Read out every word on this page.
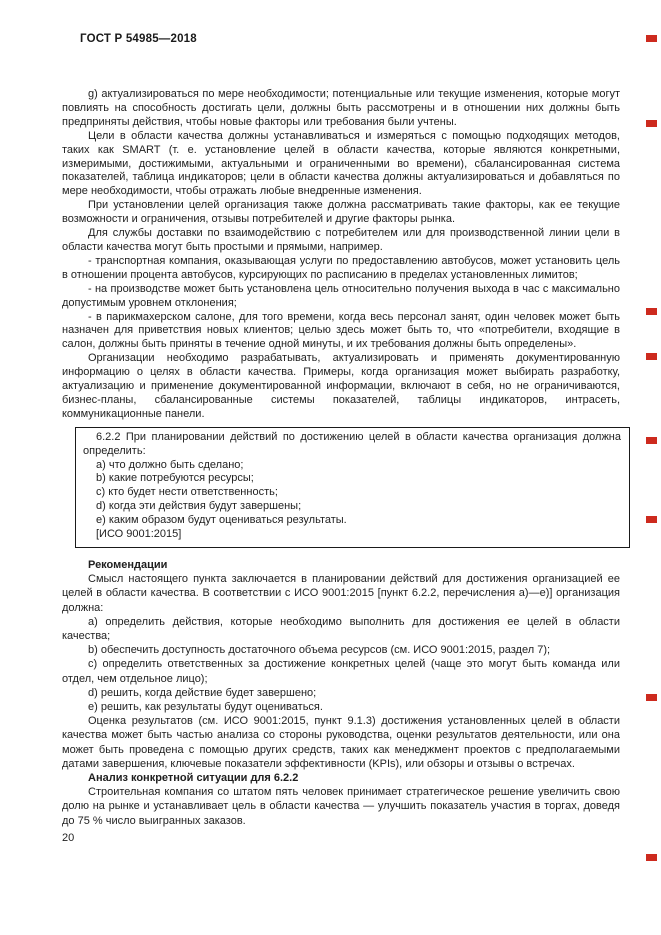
ГОСТ Р 54985—2018

g) актуализироваться по мере необходимости; потенциальные или текущие изменения, которые могут повлиять на способность достигать цели, должны быть рассмотрены и в отношении них должны быть предприняты действия, чтобы новые факторы или требования были учтены.

Цели в области качества должны устанавливаться и измеряться с помощью подходящих методов, таких как SMART (т. е. установление целей в области качества, которые являются конкретными, измеримыми, достижимыми, актуальными и ограниченными во времени), сбалансированная система показателей, таблица индикаторов; цели в области качества должны актуализироваться и добавляться по мере необходимости, чтобы отражать любые внедренные изменения.

При установлении целей организация также должна рассматривать такие факторы, как ее текущие возможности и ограничения, отзывы потребителей и другие факторы рынка.

Для службы доставки по взаимодействию с потребителем или для производственной линии цели в области качества могут быть простыми и прямыми, например.

- транспортная компания, оказывающая услуги по предоставлению автобусов, может установить цель в отношении процента автобусов, курсирующих по расписанию в пределах установленных лимитов;

- на производстве может быть установлена цель относительно получения выхода в час с максимально допустимым уровнем отклонения;

- в парикмахерском салоне, для того времени, когда весь персонал занят, один человек может быть назначен для приветствия новых клиентов; целью здесь может быть то, что «потребители, входящие в салон, должны быть приняты в течение одной минуты, и их требования должны быть определены».

Организации необходимо разрабатывать, актуализировать и применять документированную информацию о целях в области качества. Примеры, когда организация может выбирать разработку, актуализацию и применение документированной информации, включают в себя, но не ограничиваются, бизнес-планы, сбалансированные системы показателей, таблицы индикаторов, интрасеть, коммуникационные панели.

6.2.2 При планировании действий по достижению целей в области качества организация должна определить:

a) что должно быть сделано;

b) какие потребуются ресурсы;

c) кто будет нести ответственность;

d) когда эти действия будут завершены;

e) каким образом будут оцениваться результаты.

[ИСО 9001:2015]

Рекомендации

Смысл настоящего пункта заключается в планировании действий для достижения организацией ее целей в области качества. В соответствии с ИСО 9001:2015 [пункт 6.2.2, перечисления a)—e)] организация должна:

a) определить действия, которые необходимо выполнить для достижения ее целей в области качества;

b) обеспечить доступность достаточного объема ресурсов (см. ИСО 9001:2015, раздел 7);

c) определить ответственных за достижение конкретных целей (чаще это могут быть команда или отдел, чем отдельное лицо);

d) решить, когда действие будет завершено;

e) решить, как результаты будут оцениваться.

Оценка результатов (см. ИСО 9001:2015, пункт 9.1.3) достижения установленных целей в области качества может быть частью анализа со стороны руководства, оценки результатов деятельности, или она может быть проведена с помощью других средств, таких как менеджмент проектов с предполагаемыми датами завершения, ключевые показатели эффективности (KPIs), или обзоры и отзывы о встречах.

Анализ конкретной ситуации для 6.2.2

Строительная компания со штатом пять человек принимает стратегическое решение увеличить свою долю на рынке и устанавливает цель в области качества — улучшить показатель участия в торгах, доведя до 75 % число выигранных заказов.

20
